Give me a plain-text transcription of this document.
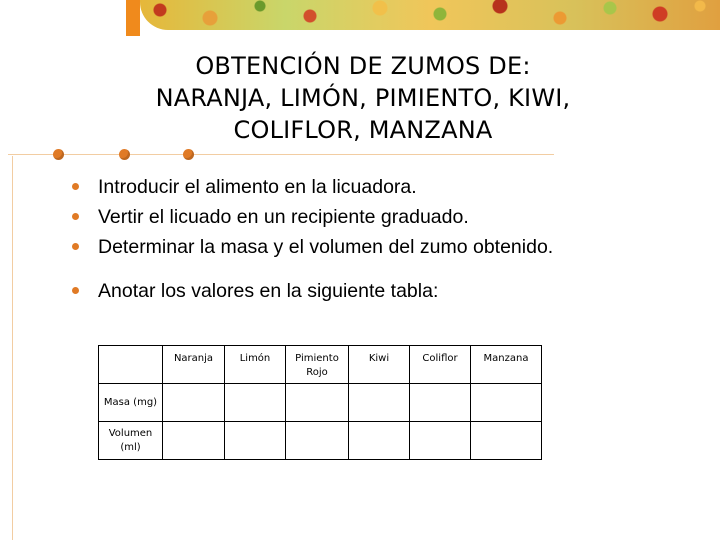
OBTENCIÓN DE ZUMOS DE:
NARANJA, LIMÓN, PIMIENTO, KIWI,
COLIFLOR, MANZANA
Introducir el alimento en la licuadora.
Vertir el licuado en un recipiente graduado.
Determinar la masa y el volumen del zumo obtenido.
Anotar los valores en la siguiente tabla:
	Naranja	Limón	Pimiento Rojo	Kiwi	Coliflor	Manzana
Masa (mg)						
Volumen (ml)						
